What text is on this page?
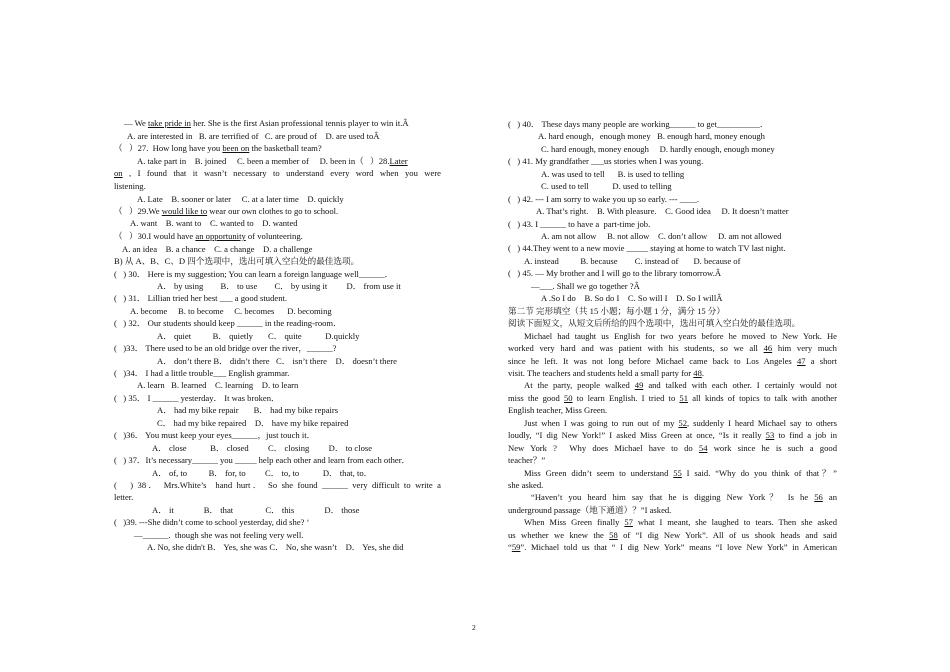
— We take pride in her. She is the first Asian professional tennis player to win it.Â
A. are interested in   B. are terrified of   C. are proud of    D. are used toÂ
（   ）27.  How long have you been on the basketball team?
A. take part in    B. joined     C. been a member of     D. been in（   ）28.Later
on , I found that it wasn’t necessary to understand every word when you were
listening.
A. Late    B. sooner or later     C. at a later time    D. quickly
（   ）29.We would like to wear our own clothes to go to school.
A. want    B. want to    C. wanted to    D. wanted
（   ）30.I would have an opportunity of volunteering.
A. an idea    B. a chance    C. a change    D. a challenge
B) 从 A、B、C、D 四个选项中，选出可填入空白处的最佳选项。
(   ) 30． Here is my suggestion; You can learn a foreign language well______．
A． by using        B． to use        C． by using it         D． from use it
(   ) 31． Lillian tried her best ___ a good student.
A. become     B. to become     C. becomes      D. becoming
(   ) 32． Our students should keep ______ in the reading-room．
A． quiet          B． quietly       C． quite           D.quickly
(   )33． There used to be an old bridge over the river，______?
A． don’t there B． didn’t there   C． isn’t there    D． doesn’t there
(   )34． I had a little trouble___ English grammar.
A. learn   B. learned    C. learning    D. to learn
(   ) 35． I ______ yesterday． It was broken．
A． had my bike repair       B． had my bike repairs
C． had my bike repaired    D． have my bike repaired
(   )36． You must keep your eyes______，just touch it．
A． close           B． closed         C． closing         D． to close
(   ) 37．It’s necessary______ you _____ help each other and learn from each other．
A． of, to          B． for, to         C． to, to           D． that, to．
(   ) 38． Mrs.White’s  hand hurt． So she found ______ very difficult to write a
letter.
A． it              B． that               C． this              D． those
(   )39. ---She didn’t come to school yesterday, did she? ‘
—______.  though she was not feeling very well.
A. No, she didn't B． Yes, she was C． No, she wasn’t    D． Yes, she did
(   ) 40． These days many people are working______ to get__________．
A. hard enough，enough money   B. enough hard, money enough
C. hard enough, money enough     D. hardly enough, enough money
(   ) 41. My grandfather ___us stories when I was young.
A. was used to tell      B. is used to telling
C. used to tell           D. used to telling
(   ) 42. --- I am sorry to wake you up so early. --- ____.
A. That’s right.    B. With pleasure.    C. Good idea     D. It doesn’t matter
(   ) 43. I ______ to have a  part-time job.
A. am not allow     B. not allow    C. don’t allow     D. am not allowed
(   ) 44.They went to a new movie _____ staying at home to watch TV last night.
A. instead          B. because        C. instead of       D. because of
(   ) 45. — My brother and I will go to the library tomorrow.Â
—___. Shall we go together ?Â
A .So I do    B. So do I    C. So will I    D. So I willÂ
第二节 完形填空（共 15 小题；每小题 1 分，满分 15 分）
阅读下面短文，从短文后所给的四个选项中，选出可填入空白处的最佳选项。
Michael had taught us English for two years before he moved to New York. He
worked very hard and was patient with his students, so we all 46 him very much
since he left. It was not long before Michael came back to Los Angeles 47 a short
visit. The teachers and students held a small party for 48.
At the party, people walked 49 and talked with each other. I certainly would not
miss the good 50 to learn English. I tried to 51 all kinds of topics to talk with another
English teacher, Miss Green.
Just when I was going to run out of my 52, suddenly I heard Michael say to others
loudly, “I dig New York!” I asked Miss Green at once, “Is it really 53 to find a job in
New York ?  Why does Michael have to do 54 work since he is such a good
teacher？”
Miss Green didn’t seem to understand 55 I said. “Why do you think of that？”
she asked.
“Haven’t you heard him say that he is digging New York？ Is he 56 an
underground passage（地下通道）？”I asked.
When Miss Green finally 57 what I meant, she laughed to tears. Then she asked
us whether we knew the 58 of “I dig New York”. All of us shook heads and said
“59”. Michael told us that “ I dig New York” means “I love New York” in American
2
